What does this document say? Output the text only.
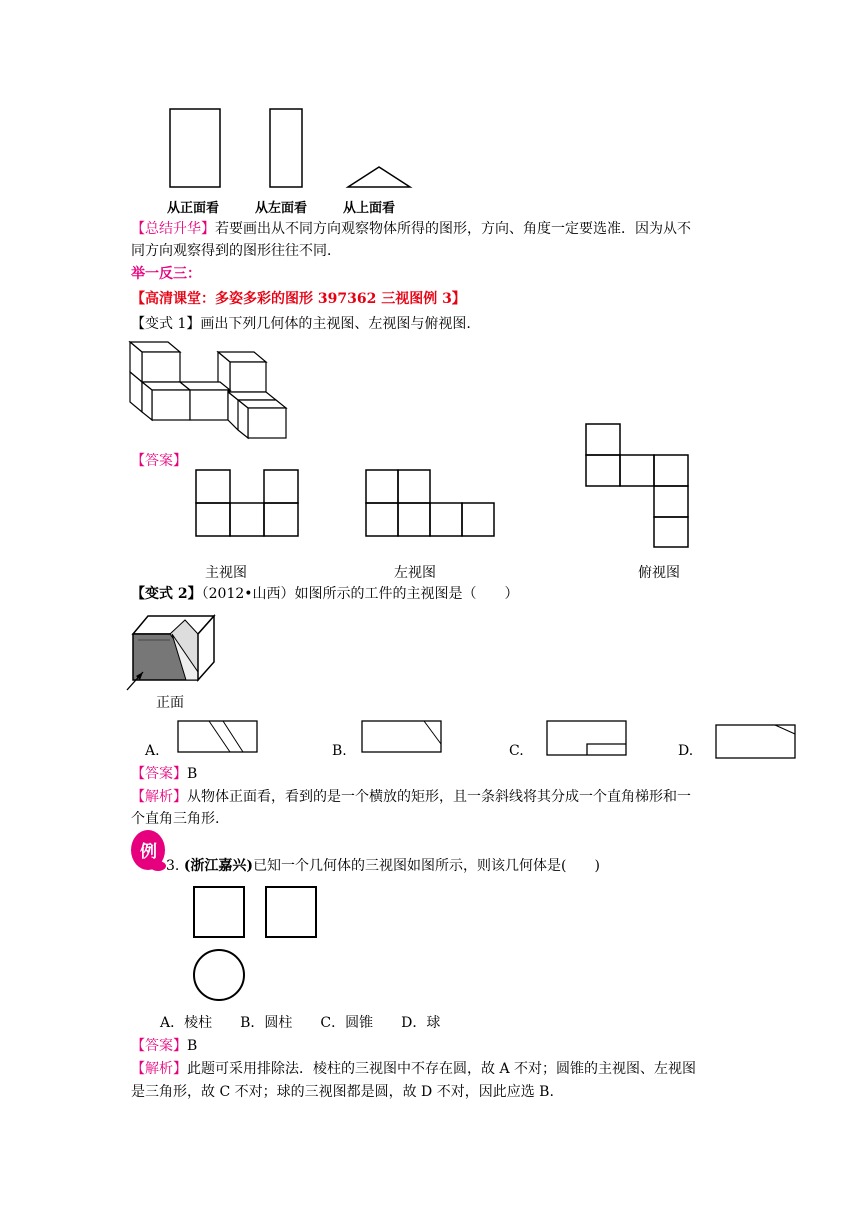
从正面看	从左面看	从上面看
【总结升华】若要画出从不同方向观察物体所得的图形，方向、角度一定要选准．因为从不
同方向观察得到的图形往往不同．
举一反三：
【高清课堂：多姿多彩的图形 397362 三视图例 3】
【变式 1】画出下列几何体的主视图、左视图与俯视图.
【答案】
主视图	左视图	俯视图
【变式 2】（2012•山西）如图所示的工件的主视图是（　　）
正面
A.	B.	C.	D.
【答案】B
【解析】从物体正面看，看到的是一个横放的矩形，且一条斜线将其分成一个直角梯形和一
个直角三角形.
例
3. (浙江嘉兴)已知一个几何体的三视图如图所示，则该几何体是(　　)
A．棱柱　　B．圆柱　　C．圆锥　　D．球
【答案】B
【解析】此题可采用排除法．棱柱的三视图中不存在圆，故 A 不对；圆锥的主视图、左视图
是三角形，故 C 不对；球的三视图都是圆，故 D 不对，因此应选 B.
